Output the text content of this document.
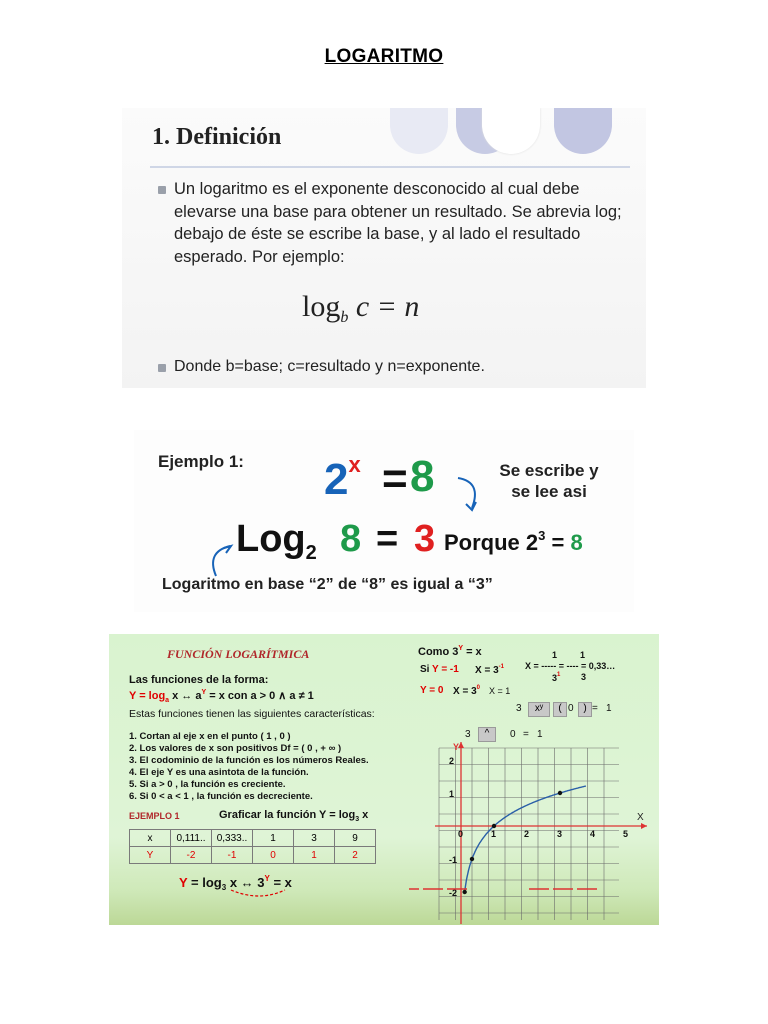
LOGARITMO
1. Definición
Un logaritmo es el exponente desconocido al cual debe elevarse una base para obtener un resultado. Se abrevia log; debajo de éste se escribe la base, y al lado el resultado esperado. Por ejemplo:
$\log_b c = n$
Donde b=base; c=resultado y n=exponente.
Ejemplo 1: $2^x = 8$	Se escribe y se lee asi
Log$_2$ 8 = 3 Porque $2^3 = 8$
Logaritmo en base “2” de “8” es igual a “3”
FUNCIÓN LOGARÍTMICA
Las funciones de la forma:
$Y = \log_a x$ ↔ $a^Y = x$ con a > 0 ∧ a ≠ 1
Estas funciones tienen las siguientes características:
1. Cortan al eje x en el punto ( 1 , 0 )
2. Los valores de x son positivos Df = ( 0 , + ∞ )
3. El codominio de la función es los números Reales.
4. El eje Y es una asintota de la función.
5. Si a > 0 , la función es creciente.
6. Si 0 < a < 1 , la función es decreciente.
EJEMPLO 1	Graficar la función $Y = \log_3 x$
x	0,111..	0,333..	1	3	9
Y	-2	-1	0	1	2
$Y = \log_3 x$ ↔ $3^Y = x$
Como $3^Y = x$
Si Y = -1 $X = 3^{-1}$
1	1
X = ----- = ---- = 0,33…
$3^1$ 3
Y = 0 $X = 3^0$ X = 1
3	xʸ	( 0 ) = 1
3	^	0 = 1
Y
X
0	1	2	3	4	5
2
1
-1
-2
